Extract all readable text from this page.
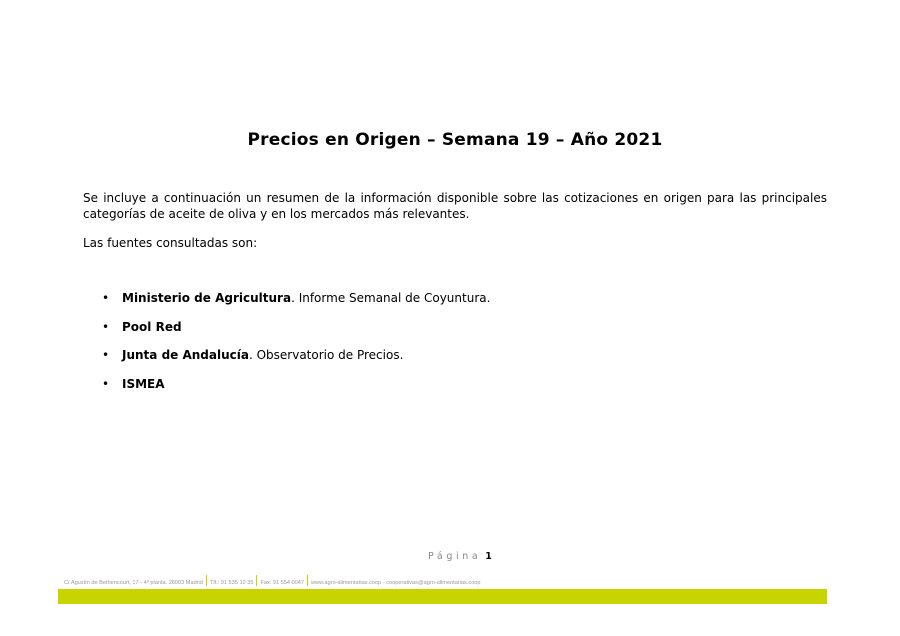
Precios en Origen – Semana 19 – Año 2021

Se incluye a continuación un resumen de la información disponible sobre las cotizaciones en origen para las principales categorías de aceite de oliva y en los mercados más relevantes.

Las fuentes consultadas son:
• Ministerio de Agricultura. Informe Semanal de Coyuntura.
• Pool Red
• Junta de Andalucía. Observatorio de Precios.
• ISMEA
Página 1
C/ Agustín de Bethencourt, 17 - 4ª planta. 28003 Madrid Tlf.: 91 535 10 35 Fax: 91 554 0047 www.agro-alimentarias.coop · cooperativas@agro-alimentarias.coop
